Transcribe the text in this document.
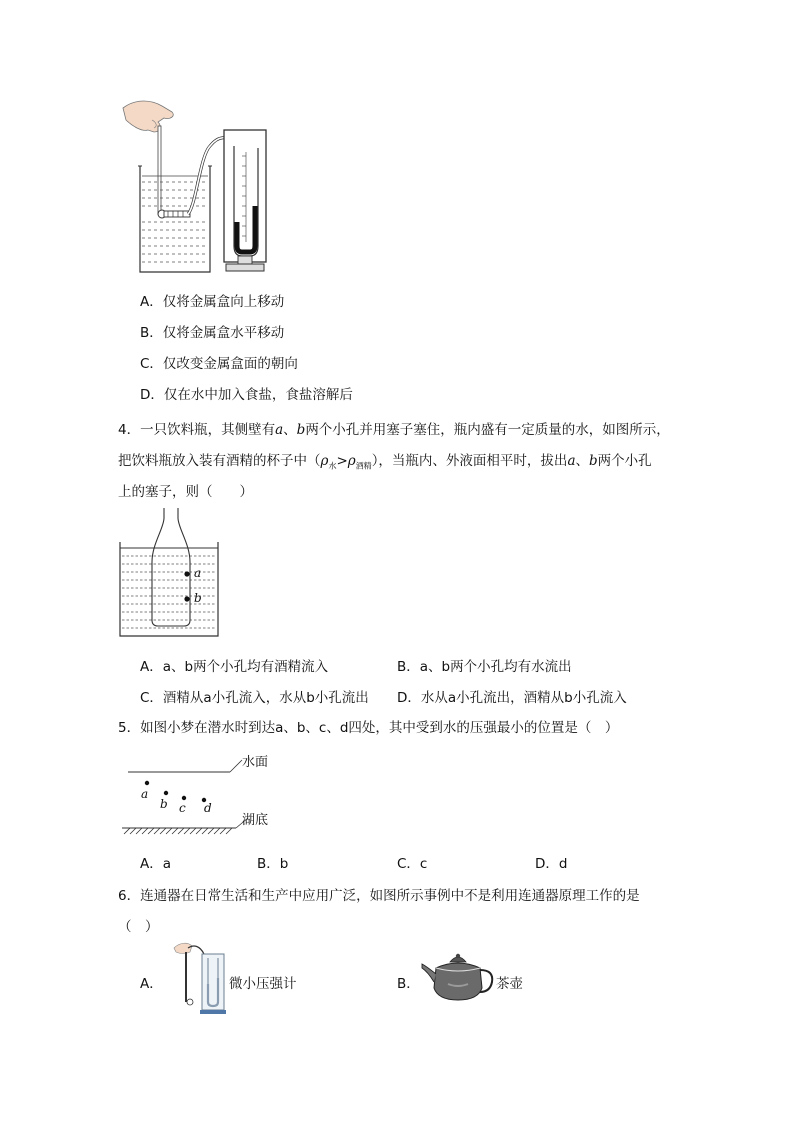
A．仅将金属盒向上移动
B．仅将金属盒水平移动
C．仅改变金属盒面的朝向
D．仅在水中加入食盐，食盐溶解后
4．一只饮料瓶，其侧壁有a、b两个小孔并用塞子塞住，瓶内盛有一定质量的水，如图所示，
把饮料瓶放入装有酒精的杯子中$(\rho_水>\rho_{酒精})$，当瓶内、外液面相平时，拔出a、b两个小孔
上的塞子，则（　　）
a
b
A．a、b两个小孔均有酒精流入	B．a、b两个小孔均有水流出
C．酒精从a小孔流入，水从b小孔流出 D．水从a小孔流出，酒精从b小孔流入
5．如图小梦在潜水时到达a、b、c、d四处，其中受到水的压强最小的位置是（　）
水面
湖底
a
b c d
A．a	B．b	C．c	D．d
6．连通器在日常生活和生产中应用广泛，如图所示事例中不是利用连通器原理工作的是
（　）
A．	微小压强计	B．	茶壶
